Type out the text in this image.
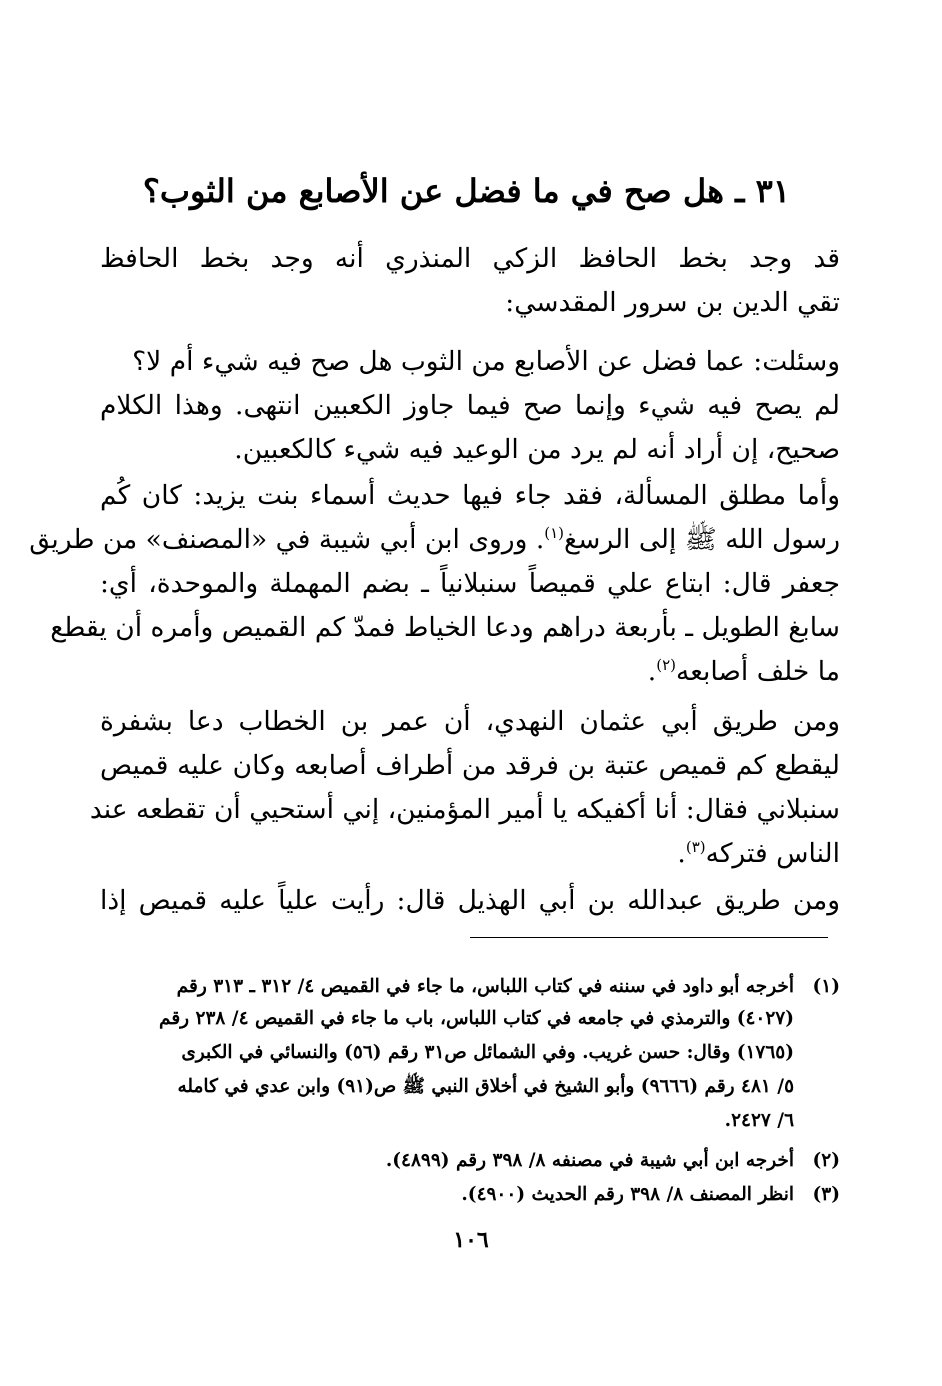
٣١ ـ هل صح في ما فضل عن الأصابع من الثوب؟
قد وجد بخط الحافظ الزكي المنذري أنه وجد بخط الحافظ
تقي الدين بن سرور المقدسي:
وسئلت: عما فضل عن الأصابع من الثوب هل صح فيه شيء أم لا؟
لم يصح فيه شيء وإنما صح فيما جاوز الكعبين انتهى. وهذا الكلام
صحيح، إن أراد أنه لم يرد من الوعيد فيه شيء كالكعبين.
وأما مطلق المسألة، فقد جاء فيها حديث أسماء بنت يزيد: كان كُم
رسول الله ﷺ إلى الرسغ$^{(١)}$. وروى ابن أبي شيبة في «المصنف» من طريق
جعفر قال: ابتاع علي قميصاً سنبلانياً ـ بضم المهملة والموحدة، أي:
سابغ الطويل ـ بأربعة دراهم ودعا الخياط فمدّ كم القميص وأمره أن يقطع
ما خلف أصابعه$^{(٢)}$.
ومن طريق أبي عثمان النهدي، أن عمر بن الخطاب دعا بشفرة
ليقطع كم قميص عتبة بن فرقد من أطراف أصابعه وكان عليه قميص
سنبلاني فقال: أنا أكفيكه يا أمير المؤمنين، إني أستحيي أن تقطعه عند
الناس فتركه$^{(٣)}$.
ومن طريق عبدالله بن أبي الهذيل قال: رأيت علياً عليه قميص إذا
(١)أخرجه أبو داود في سننه في كتاب اللباس، ما جاء في القميص ٤/ ٣١٢ ـ ٣١٣ رقم
(٤٠٢٧) والترمذي في جامعه في كتاب اللباس، باب ما جاء في القميص ٤/ ٢٣٨ رقم
(١٧٦٥) وقال: حسن غريب. وفي الشمائل ص٣١ رقم (٥٦) والنسائي في الكبرى
٥/ ٤٨١ رقم (٩٦٦٦) وأبو الشيخ في أخلاق النبي ﷺ ص(٩١) وابن عدي في كامله
٦/ ٢٤٢٧.
(٢)أخرجه ابن أبي شيبة في مصنفه ٨/ ٣٩٨ رقم (٤٨٩٩).
(٣)انظر المصنف ٨/ ٣٩٨ رقم الحديث (٤٩٠٠).
١٠٦
